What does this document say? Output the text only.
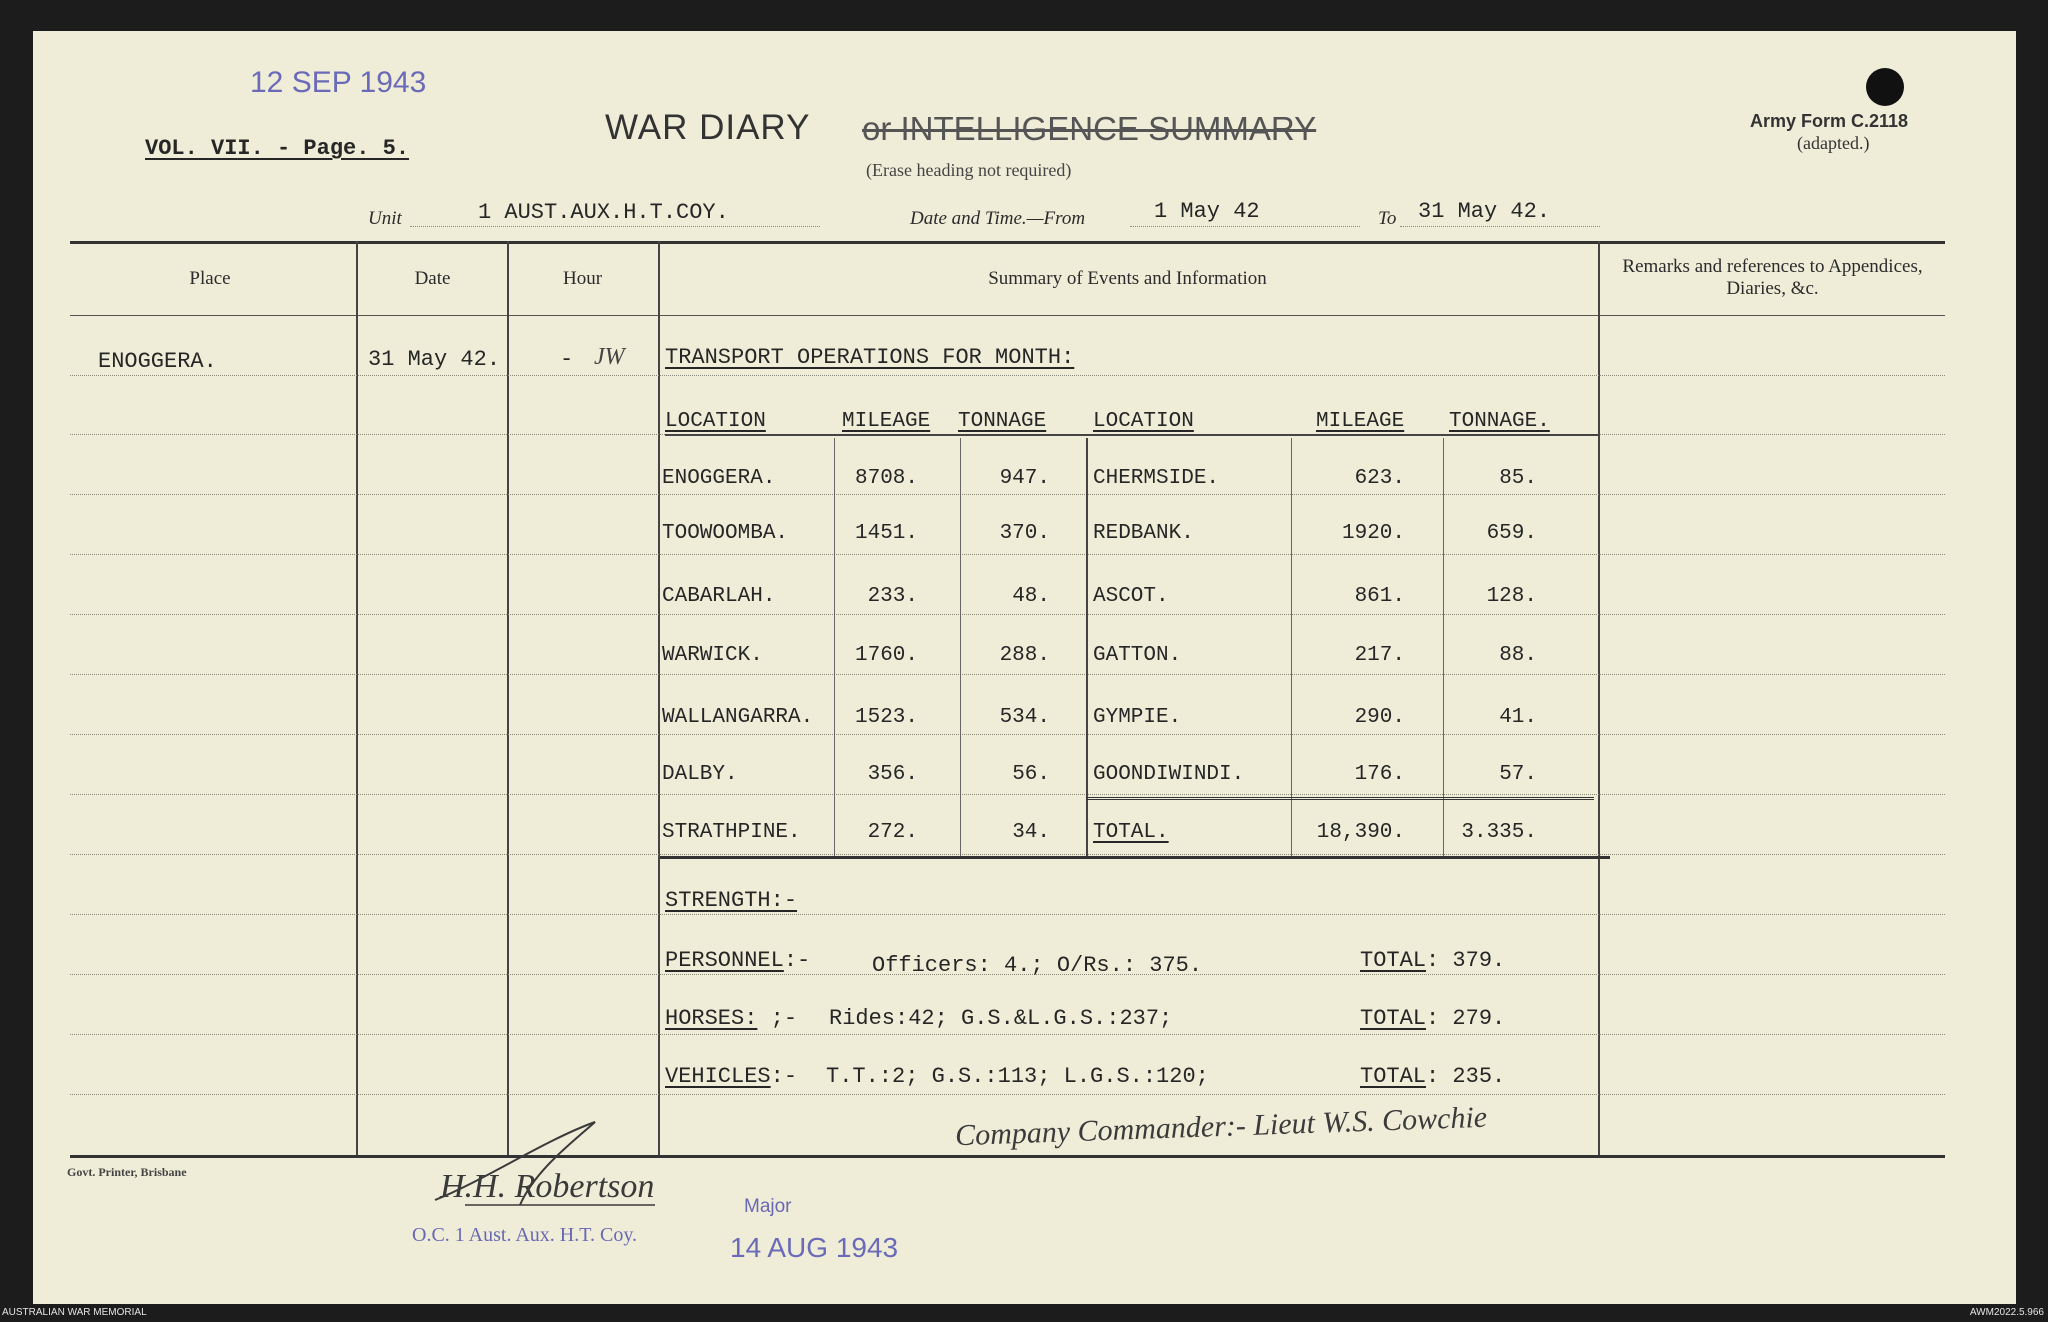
12 SEP 1943
VOL. VII. - Page. 5.
WAR DIARY or INTELLIGENCE SUMMARY
(Erase heading not required)
Army Form C.2118
(adapted.)
Unit	1 AUST.AUX.H.T.COY.	Date and Time.—From	1 May 42	To 31 May 42.
Place	Date	Hour	Summary of Events and Information
Remarks and references to Appendices, Diaries, &c.
ENOGGERA.	31 May 42.	- JW TRANSPORT OPERATIONS FOR MONTH:
LOCATION	MILEAGE TONNAGE LOCATION	MILEAGE TONNAGE.
ENOGGERA.	8708.	947. CHERMSIDE.	623.	85.
TOOWOOMBA.	1451.	370. REDBANK.	1920.	659.
CABARLAH.	233.	48. ASCOT.	861.	128.
WARWICK.	1760.	288. GATTON.	217.	88.
WALLANGARRA.	1523.	534. GYMPIE.	290.	41.
DALBY.	356.	56. GOONDIWINDI.	176.	57.
STRATHPINE.	272.	34. TOTAL.	18,390.	3.335.
STRENGTH:-
PERSONNEL:-	Officers: 4.; O/Rs.: 375.	TOTAL: 379.
HORSES: ;- Rides:42; G.S.&L.G.S.:237;	TOTAL: 279.
VEHICLES:- T.T.:2; G.S.:113; L.G.S.:120;	TOTAL: 235.
Company Commander:- Lieut W.S. Cowchie
Govt. Printer, Brisbane	H.H. Robertson
Major
O.C. 1 Aust. Aux. H.T. Coy.	14 AUG 1943
AUSTRALIAN WAR MEMORIAL	AWM2022.5.966
